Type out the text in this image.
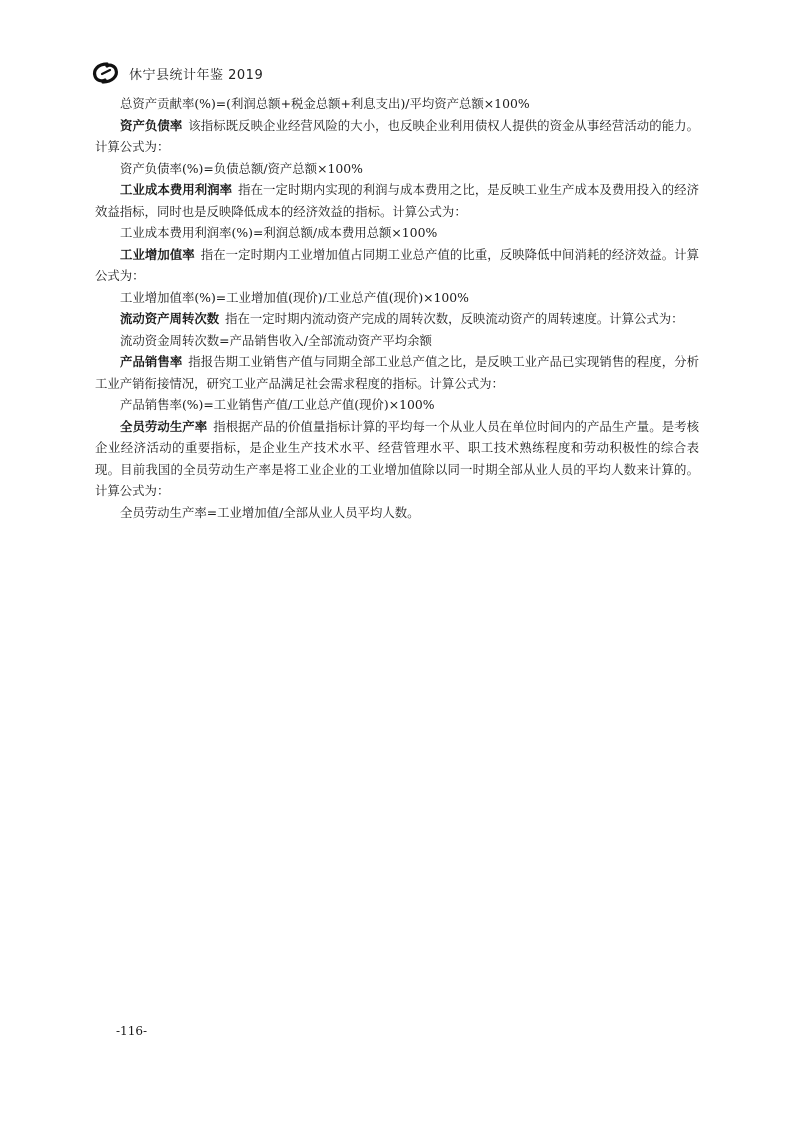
休宁县统计年鉴 2019

总资产贡献率(%)=(利润总额+税金总额+利息支出)/平均资产总额×100%

资产负债率 该指标既反映企业经营风险的大小，也反映企业利用债权人提供的资金从事经营活动的能力。计算公式为：

资产负债率(%)=负债总额/资产总额×100%

工业成本费用利润率 指在一定时期内实现的利润与成本费用之比，是反映工业生产成本及费用投入的经济效益指标，同时也是反映降低成本的经济效益的指标。计算公式为：

工业成本费用利润率(%)=利润总额/成本费用总额×100%

工业增加值率 指在一定时期内工业增加值占同期工业总产值的比重，反映降低中间消耗的经济效益。计算公式为：

工业增加值率(%)=工业增加值(现价)/工业总产值(现价)×100%

流动资产周转次数 指在一定时期内流动资产完成的周转次数，反映流动资产的周转速度。计算公式为：

流动资金周转次数=产品销售收入/全部流动资产平均余额

产品销售率 指报告期工业销售产值与同期全部工业总产值之比，是反映工业产品已实现销售的程度，分析工业产销衔接情况，研究工业产品满足社会需求程度的指标。计算公式为：

产品销售率(%)=工业销售产值/工业总产值(现价)×100%

全员劳动生产率 指根据产品的价值量指标计算的平均每一个从业人员在单位时间内的产品生产量。是考核企业经济活动的重要指标，是企业生产技术水平、经营管理水平、职工技术熟练程度和劳动积极性的综合表现。目前我国的全员劳动生产率是将工业企业的工业增加值除以同一时期全部从业人员的平均人数来计算的。计算公式为：

全员劳动生产率=工业增加值/全部从业人员平均人数。

-116-
